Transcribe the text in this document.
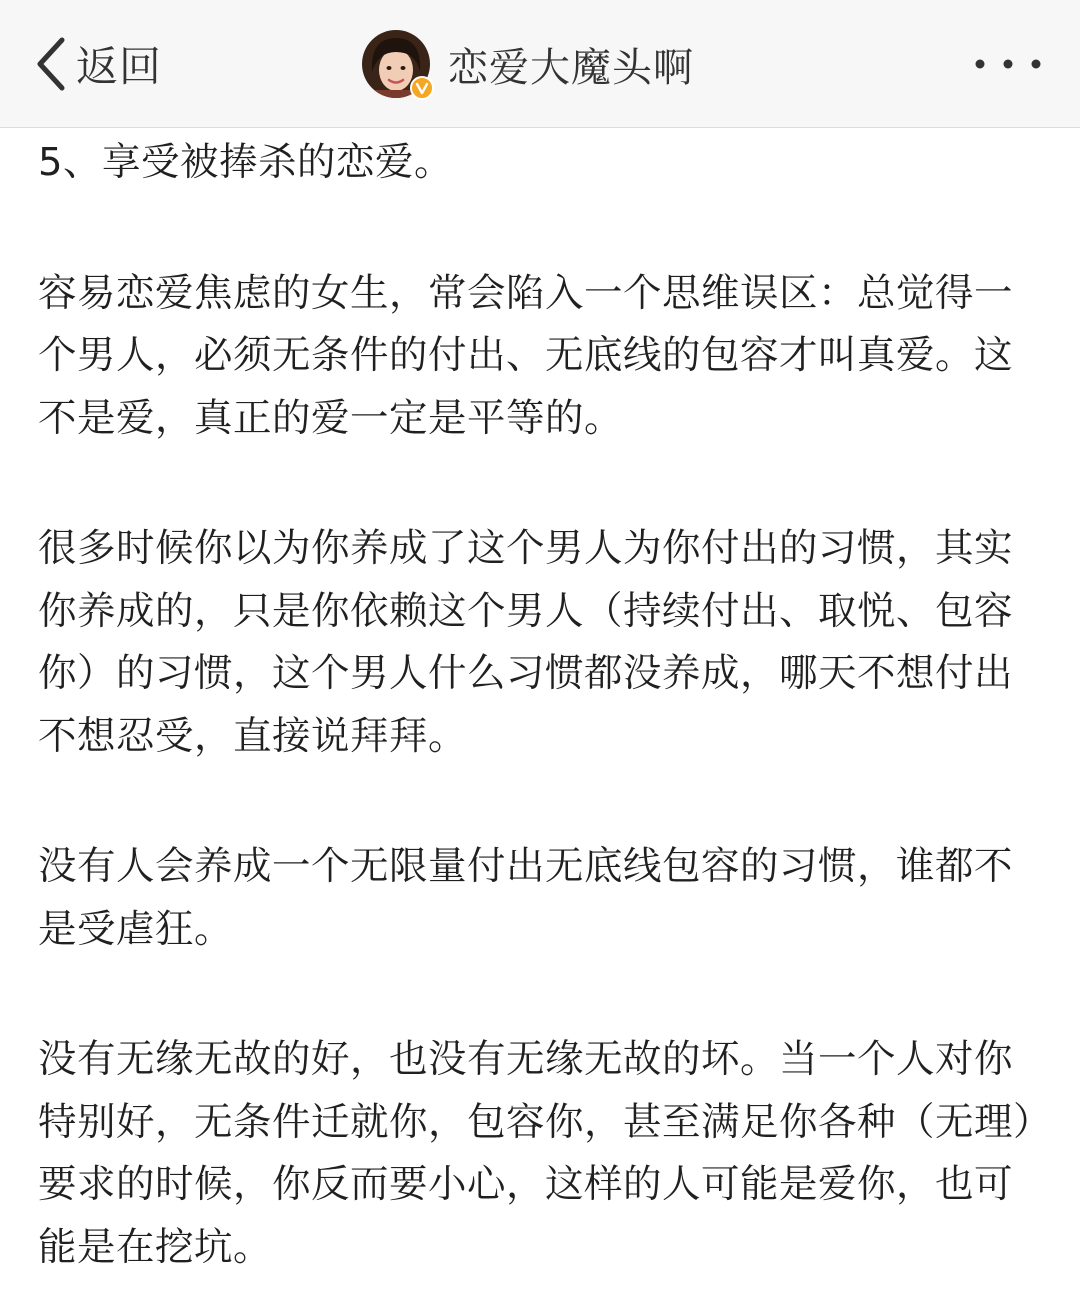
返回	恋爱大魔头啊

5、享受被捧杀的恋爱。

容易恋爱焦虑的女生，常会陷入一个思维误区：总觉得一个男人，必须无条件的付出、无底线的包容才叫真爱。这不是爱，真正的爱一定是平等的。

很多时候你以为你养成了这个男人为你付出的习惯，其实你养成的，只是你依赖这个男人（持续付出、取悦、包容你）的习惯，这个男人什么习惯都没养成，哪天不想付出不想忍受，直接说拜拜。

没有人会养成一个无限量付出无底线包容的习惯，谁都不是受虐狂。

没有无缘无故的好，也没有无缘无故的坏。当一个人对你特别好，无条件迁就你，包容你，甚至满足你各种（无理）要求的时候，你反而要小心，这样的人可能是爱你，也可能是在挖坑。
